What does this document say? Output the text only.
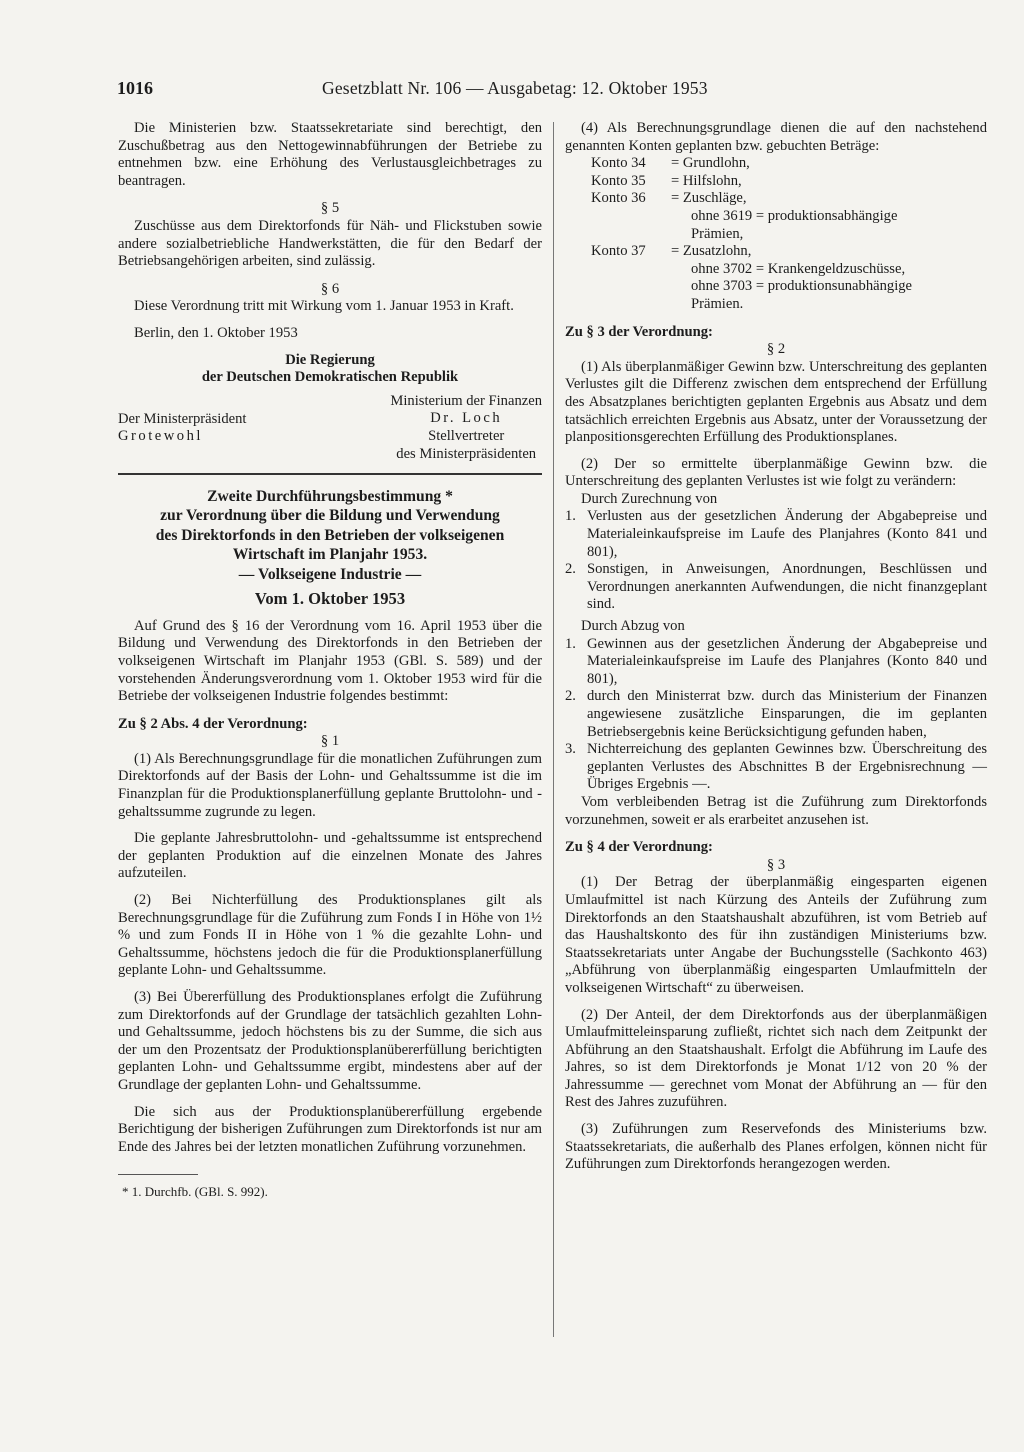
1016	Gesetzblatt Nr. 106 — Ausgabetag: 12. Oktober 1953

Die Ministerien bzw. Staatssekretariate sind berechtigt, den Zuschußbetrag aus den Nettogewinnabführungen der Betriebe zu entnehmen bzw. eine Erhöhung des Verlustausgleichbetrages zu beantragen.

§ 5

Zuschüsse aus dem Direktorfonds für Näh- und Flickstuben sowie andere sozialbetriebliche Handwerkstätten, die für den Bedarf der Betriebsangehörigen arbeiten, sind zulässig.

§ 6

Diese Verordnung tritt mit Wirkung vom 1. Januar 1953 in Kraft.

Berlin, den 1. Oktober 1953

Die Regierung
der Deutschen Demokratischen Republik
Der Ministerpräsident
Grotewohl
Ministerium der Finanzen
Dr. Loch
Stellvertreter
des Ministerpräsidenten
Zweite Durchführungsbestimmung *
zur Verordnung über die Bildung und Verwendung
des Direktorfonds in den Betrieben der volkseigenen
Wirtschaft im Planjahr 1953.
— Volkseigene Industrie —
Vom 1. Oktober 1953

Auf Grund des § 16 der Verordnung vom 16. April 1953 über die Bildung und Verwendung des Direktorfonds in den Betrieben der volkseigenen Wirtschaft im Planjahr 1953 (GBl. S. 589) und der vorstehenden Änderungsverordnung vom 1. Oktober 1953 wird für die Betriebe der volkseigenen Industrie folgendes bestimmt:

Zu § 2 Abs. 4 der Verordnung:
§ 1

(1) Als Berechnungsgrundlage für die monatlichen Zuführungen zum Direktorfonds auf der Basis der Lohn- und Gehaltssumme ist die im Finanzplan für die Produktionsplanerfüllung geplante Bruttolohn- und -gehaltssumme zugrunde zu legen.

Die geplante Jahresbruttolohn- und -gehaltssumme ist entsprechend der geplanten Produktion auf die einzelnen Monate des Jahres aufzuteilen.

(2) Bei Nichterfüllung des Produktionsplanes gilt als Berechnungsgrundlage für die Zuführung zum Fonds I in Höhe von 1½ % und zum Fonds II in Höhe von 1 % die gezahlte Lohn- und Gehaltssumme, höchstens jedoch die für die Produktionsplanerfüllung geplante Lohn- und Gehaltssumme.

(3) Bei Übererfüllung des Produktionsplanes erfolgt die Zuführung zum Direktorfonds auf der Grundlage der tatsächlich gezahlten Lohn- und Gehaltssumme, jedoch höchstens bis zu der Summe, die sich aus der um den Prozentsatz der Produktionsplanübererfüllung berichtigten geplanten Lohn- und Gehaltssumme ergibt, mindestens aber auf der Grundlage der geplanten Lohn- und Gehaltssumme.

Die sich aus der Produktionsplanübererfüllung ergebende Berichtigung der bisherigen Zuführungen zum Direktorfonds ist nur am Ende des Jahres bei der letzten monatlichen Zuführung vorzunehmen.

* 1. Durchfb. (GBl. S. 992).

(4) Als Berechnungsgrundlage dienen die auf den nachstehend genannten Konten geplanten bzw. gebuchten Beträge:

Konto 34	= Grundlohn,
Konto 35	= Hilfslohn,
Konto 36	= Zuschläge,
ohne 3619 = produktionsabhängige
Prämien,
Konto 37	= Zusatzlohn,
ohne 3702 = Krankengeldzuschüsse,
ohne 3703 = produktionsunabhängige
Prämien.
Zu § 3 der Verordnung:
§ 2

(1) Als überplanmäßiger Gewinn bzw. Unterschreitung des geplanten Verlustes gilt die Differenz zwischen dem entsprechend der Erfüllung des Absatzplanes berichtigten geplanten Ergebnis aus Absatz und dem tatsächlich erreichten Ergebnis aus Absatz, unter der Voraussetzung der planpositionsgerechten Erfüllung des Produktionsplanes.

(2) Der so ermittelte überplanmäßige Gewinn bzw. die Unterschreitung des geplanten Verlustes ist wie folgt zu verändern:

Durch Zurechnung von
1. Verlusten aus der gesetzlichen Änderung der Abgabepreise und Materialeinkaufspreise im Laufe des Planjahres (Konto 841 und 801),
2. Sonstigen, in Anweisungen, Anordnungen, Beschlüssen und Verordnungen anerkannten Aufwendungen, die nicht finanzgeplant sind.
Durch Abzug von
1. Gewinnen aus der gesetzlichen Änderung der Abgabepreise und Materialeinkaufspreise im Laufe des Planjahres (Konto 840 und 801),
2. durch den Ministerrat bzw. durch das Ministerium der Finanzen angewiesene zusätzliche Einsparungen, die im geplanten Betriebsergebnis keine Berücksichtigung gefunden haben,
3. Nichterreichung des geplanten Gewinnes bzw. Überschreitung des geplanten Verlustes des Abschnittes B der Ergebnisrechnung — Übriges Ergebnis —.

Vom verbleibenden Betrag ist die Zuführung zum Direktorfonds vorzunehmen, soweit er als erarbeitet anzusehen ist.

Zu § 4 der Verordnung:
§ 3

(1) Der Betrag der überplanmäßig eingesparten eigenen Umlaufmittel ist nach Kürzung des Anteils der Zuführung zum Direktorfonds an den Staatshaushalt abzuführen, ist vom Betrieb auf das Haushaltskonto des für ihn zuständigen Ministeriums bzw. Staatssekretariats unter Angabe der Buchungsstelle (Sachkonto 463) „Abführung von überplanmäßig eingesparten Umlaufmitteln der volkseigenen Wirtschaft“ zu überweisen.

(2) Der Anteil, der dem Direktorfonds aus der überplanmäßigen Umlaufmitteleinsparung zufließt, richtet sich nach dem Zeitpunkt der Abführung an den Staatshaushalt. Erfolgt die Abführung im Laufe des Jahres, so ist dem Direktorfonds je Monat 1/12 von 20 % der Jahressumme — gerechnet vom Monat der Abführung an — für den Rest des Jahres zuzuführen.

(3) Zuführungen zum Reservefonds des Ministeriums bzw. Staatssekretariats, die außerhalb des Planes erfolgen, können nicht für Zuführungen zum Direktorfonds herangezogen werden.
